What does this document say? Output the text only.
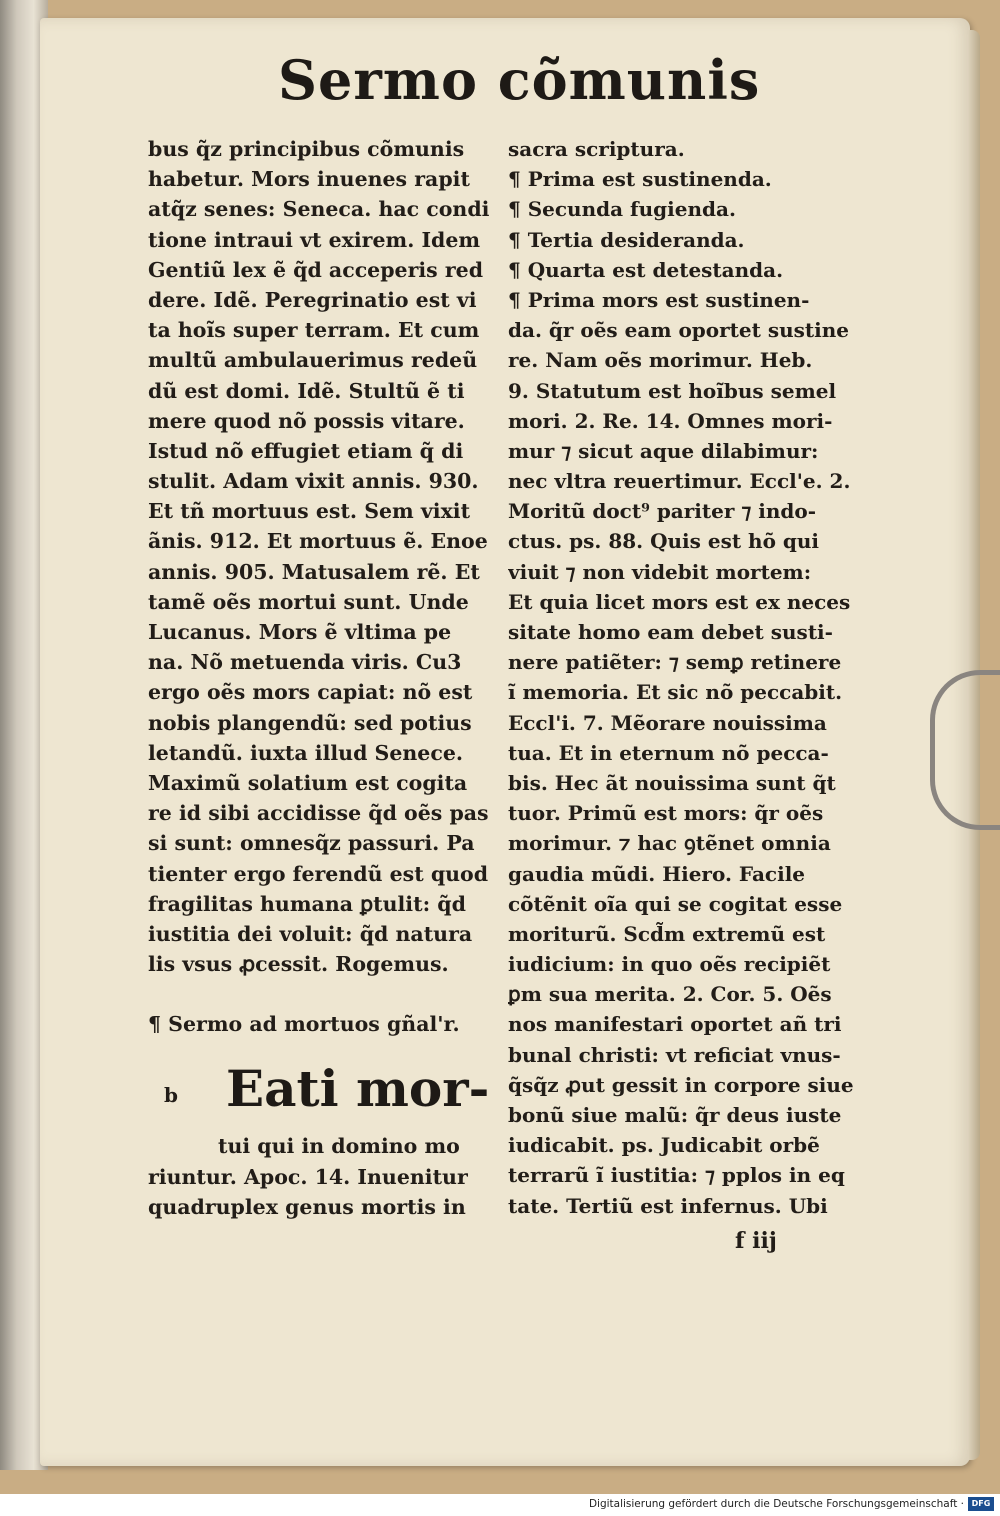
Sermo cõmunis
bus q̃z principibus cõmunis
habetur. Mors inuenes rapit
atq̃z senes: Seneca. hac condi
tione intraui vt exirem. Idem
Gentiũ lex ẽ q̃d acceperis red
dere. Idẽ. Peregrinatio est vi
ta hoĩs super terram. Et cum
multũ ambulauerimus redeũ
dũ est domi. Idẽ. Stultũ ẽ ti
mere quod nõ possis vitare.
Istud nõ effugiet etiam q̃ di
stulit. Adam vixit annis. 930.
Et tñ mortuus est. Sem vixit
ãnis. 912. Et mortuus ẽ. Enoe
annis. 905. Matusalem rẽ. Et
tamẽ oẽs mortui sunt. Unde
Lucanus. Mors ẽ vltima pe
na. Nõ metuenda viris. Cu3
ergo oẽs mors capiat: nõ est
nobis plangendũ: sed potius
letandũ. iuxta illud Senece.
Maximũ solatium est cogita
re id sibi accidisse q̃d oẽs pas
si sunt: omnesq̃z passuri. Pa
tienter ergo ferendũ est quod
fragilitas humana ꝑtulit: q̃d
iustitia dei voluit: q̃d natura
lis vsus ꝓcessit. Rogemus.
¶ Sermo ad mortuos gñal'r.
b Eati mor-
tui qui in domino mo
riuntur. Apoc. 14. Inuenitur
quadruplex genus mortis in
sacra scriptura.
¶ Prima est sustinenda.
¶ Secunda fugienda.
¶ Tertia desideranda.
¶ Quarta est detestanda.
¶ Prima mors est sustinen-
da. q̃r oẽs eam oportet sustine
re. Nam oẽs morimur. Heb.
9. Statutum est hoĩbus semel
mori. 2. Re. 14. Omnes mori-
mur ⁊ sicut aque dilabimur:
nec vltra reuertimur. Eccl'e. 2.
Moritũ doct⁹ pariter ⁊ indo-
ctus. ps. 88. Quis est hõ qui
viuit ⁊ non videbit mortem:
Et quia licet mors est ex neces
sitate homo eam debet susti-
nere patiẽter: ⁊ semꝑ retinere
ĩ memoria. Et sic nõ peccabit.
Eccl'i. 7. Mẽorare nouissima
tua. Et in eternum nõ pecca-
bis. Hec ãt nouissima sunt q̃t
tuor. Primũ est mors: q̃r oẽs
morimur. ⁊ hac ꝯtẽnet omnia
gaudia mũdi. Hiero. Facile
cõtẽnit oĩa qui se cogitat esse
moriturũ. Scd̃m extremũ est
iudicium: in quo oẽs recipiẽt
ꝑm sua merita. 2. Cor. 5. Oẽs
nos manifestari oportet añ tri
bunal christi: vt reficiat vnus-
q̃sq̃z ꝓut gessit in corpore siue
bonũ siue malũ: q̃r deus iuste
iudicabit. ps. Judicabit orbẽ
terrarũ ĩ iustitia: ⁊ pplos in eq
tate. Tertiũ est infernus. Ubi
f iij
Digitalisierung gefördert durch die Deutsche Forschungsgemeinschaft · DFG
